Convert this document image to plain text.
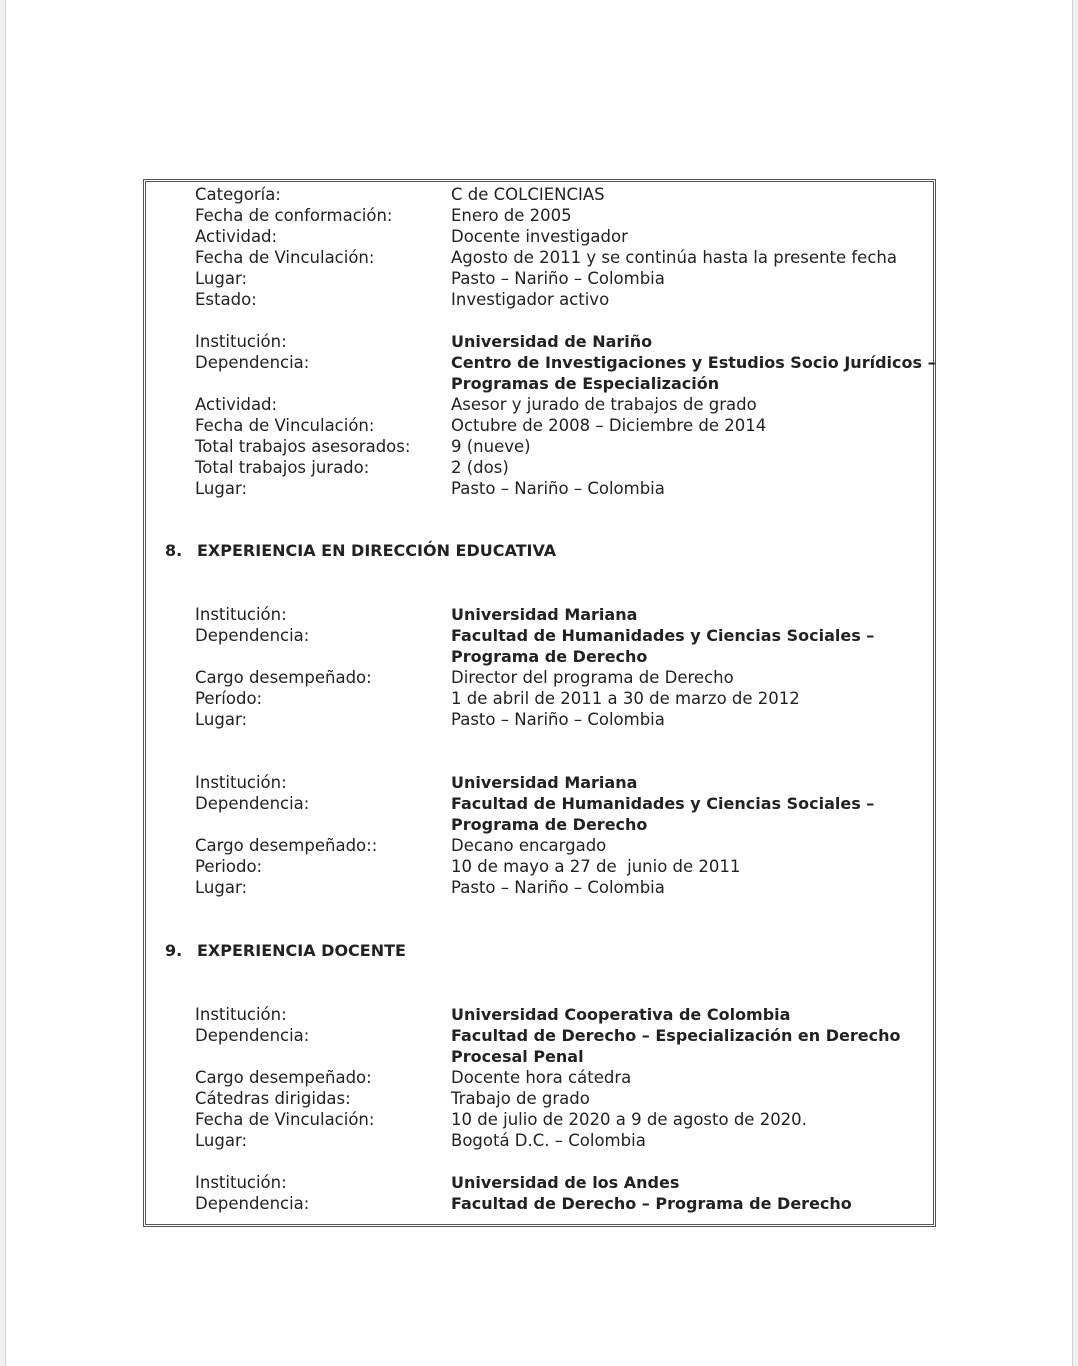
Categoría:	C de COLCIENCIAS
Fecha de conformación:	Enero de 2005
Actividad:	Docente investigador
Fecha de Vinculación:	Agosto de 2011 y se continúa hasta la presente fecha
Lugar:	Pasto – Nariño – Colombia
Estado:	Investigador activo
Institución:	Universidad de Nariño
Dependencia:	Centro de Investigaciones y Estudios Socio Jurídicos –
Programas de Especialización
Actividad:	Asesor y jurado de trabajos de grado
Fecha de Vinculación:	Octubre de 2008 – Diciembre de 2014
Total trabajos asesorados: 9 (nueve)
Total trabajos jurado:	2 (dos)
Lugar:	Pasto – Nariño – Colombia
8. EXPERIENCIA EN DIRECCIÓN EDUCATIVA
Institución:	Universidad Mariana
Dependencia:	Facultad de Humanidades y Ciencias Sociales –
Programa de Derecho
Cargo desempeñado:	Director del programa de Derecho
Período:	1 de abril de 2011 a 30 de marzo de 2012
Lugar:	Pasto – Nariño – Colombia
Institución:	Universidad Mariana
Dependencia:	Facultad de Humanidades y Ciencias Sociales –
Programa de Derecho
Cargo desempeñado::	Decano encargado
Periodo:	10 de mayo a 27 de  junio de 2011
Lugar:	Pasto – Nariño – Colombia
9. EXPERIENCIA DOCENTE
Institución:	Universidad Cooperativa de Colombia
Dependencia:	Facultad de Derecho – Especialización en Derecho
Procesal Penal
Cargo desempeñado:	Docente hora cátedra
Cátedras dirigidas:	Trabajo de grado
Fecha de Vinculación:	10 de julio de 2020 a 9 de agosto de 2020.
Lugar:	Bogotá D.C. – Colombia
Institución:	Universidad de los Andes
Dependencia:	Facultad de Derecho – Programa de Derecho
